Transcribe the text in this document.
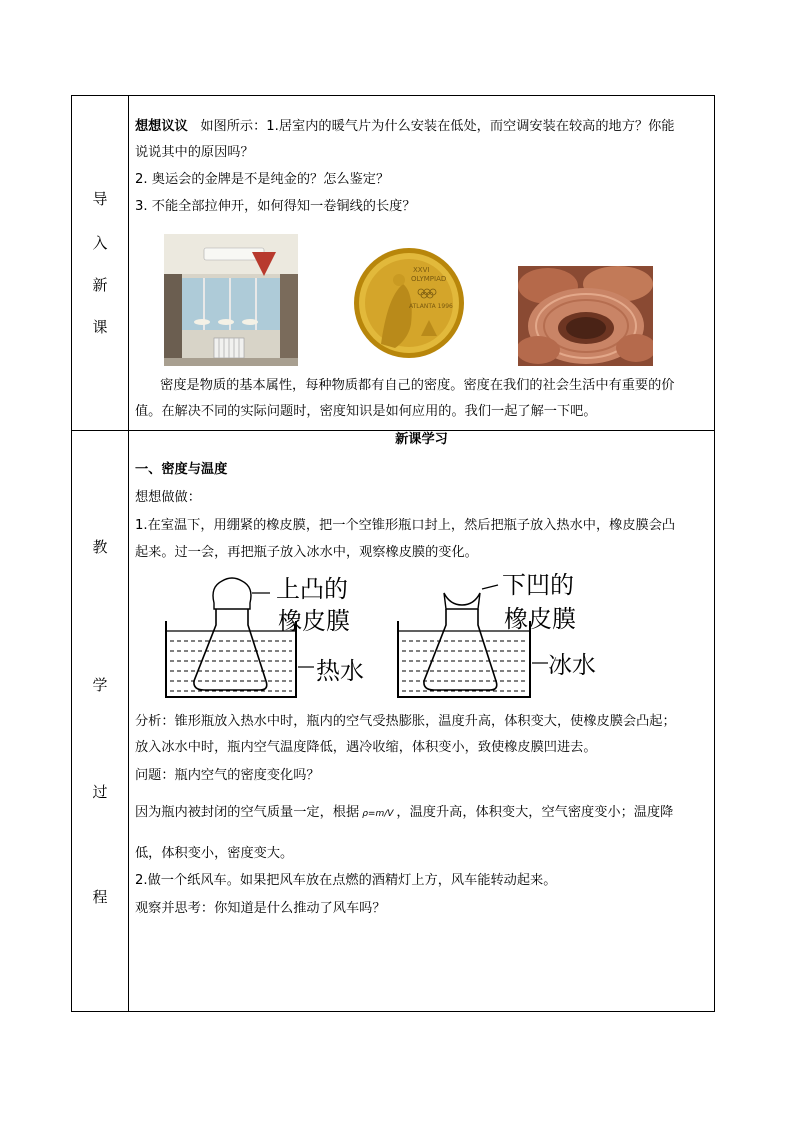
导
入
新
课
教
学
过
程
想想议议 如图所示：1.居室内的暖气片为什么安装在低处，而空调安装在较高的地方？你能
说说其中的原因吗？
2. 奥运会的金牌是不是纯金的？怎么鉴定？
3. 不能全部拉伸开，如何得知一卷铜线的长度？
XXVI
OLYMPIAD
ATLANTA 1996
密度是物质的基本属性，每种物质都有自己的密度。密度在我们的社会生活中有重要的价
值。在解决不同的实际问题时，密度知识是如何应用的。我们一起了解一下吧。
新课学习
一、密度与温度
想想做做：
1.在室温下，用绷紧的橡皮膜，把一个空锥形瓶口封上，然后把瓶子放入热水中，橡皮膜会凸
起来。过一会，再把瓶子放入冰水中，观察橡皮膜的变化。
上凸的
橡皮膜
热水
下凹的
橡皮膜
冰水
分析：锥形瓶放入热水中时，瓶内的空气受热膨胀，温度升高，体积变大，使橡皮膜会凸起；
放入冰水中时，瓶内空气温度降低，遇冷收缩，体积变小，致使橡皮膜凹进去。
问题：瓶内空气的密度变化吗？
因为瓶内被封闭的空气质量一定，根据 ρ=m/V ，温度升高，体积变大，空气密度变小；温度降
低，体积变小，密度变大。
2.做一个纸风车。如果把风车放在点燃的酒精灯上方，风车能转动起来。
观察并思考：你知道是什么推动了风车吗？
